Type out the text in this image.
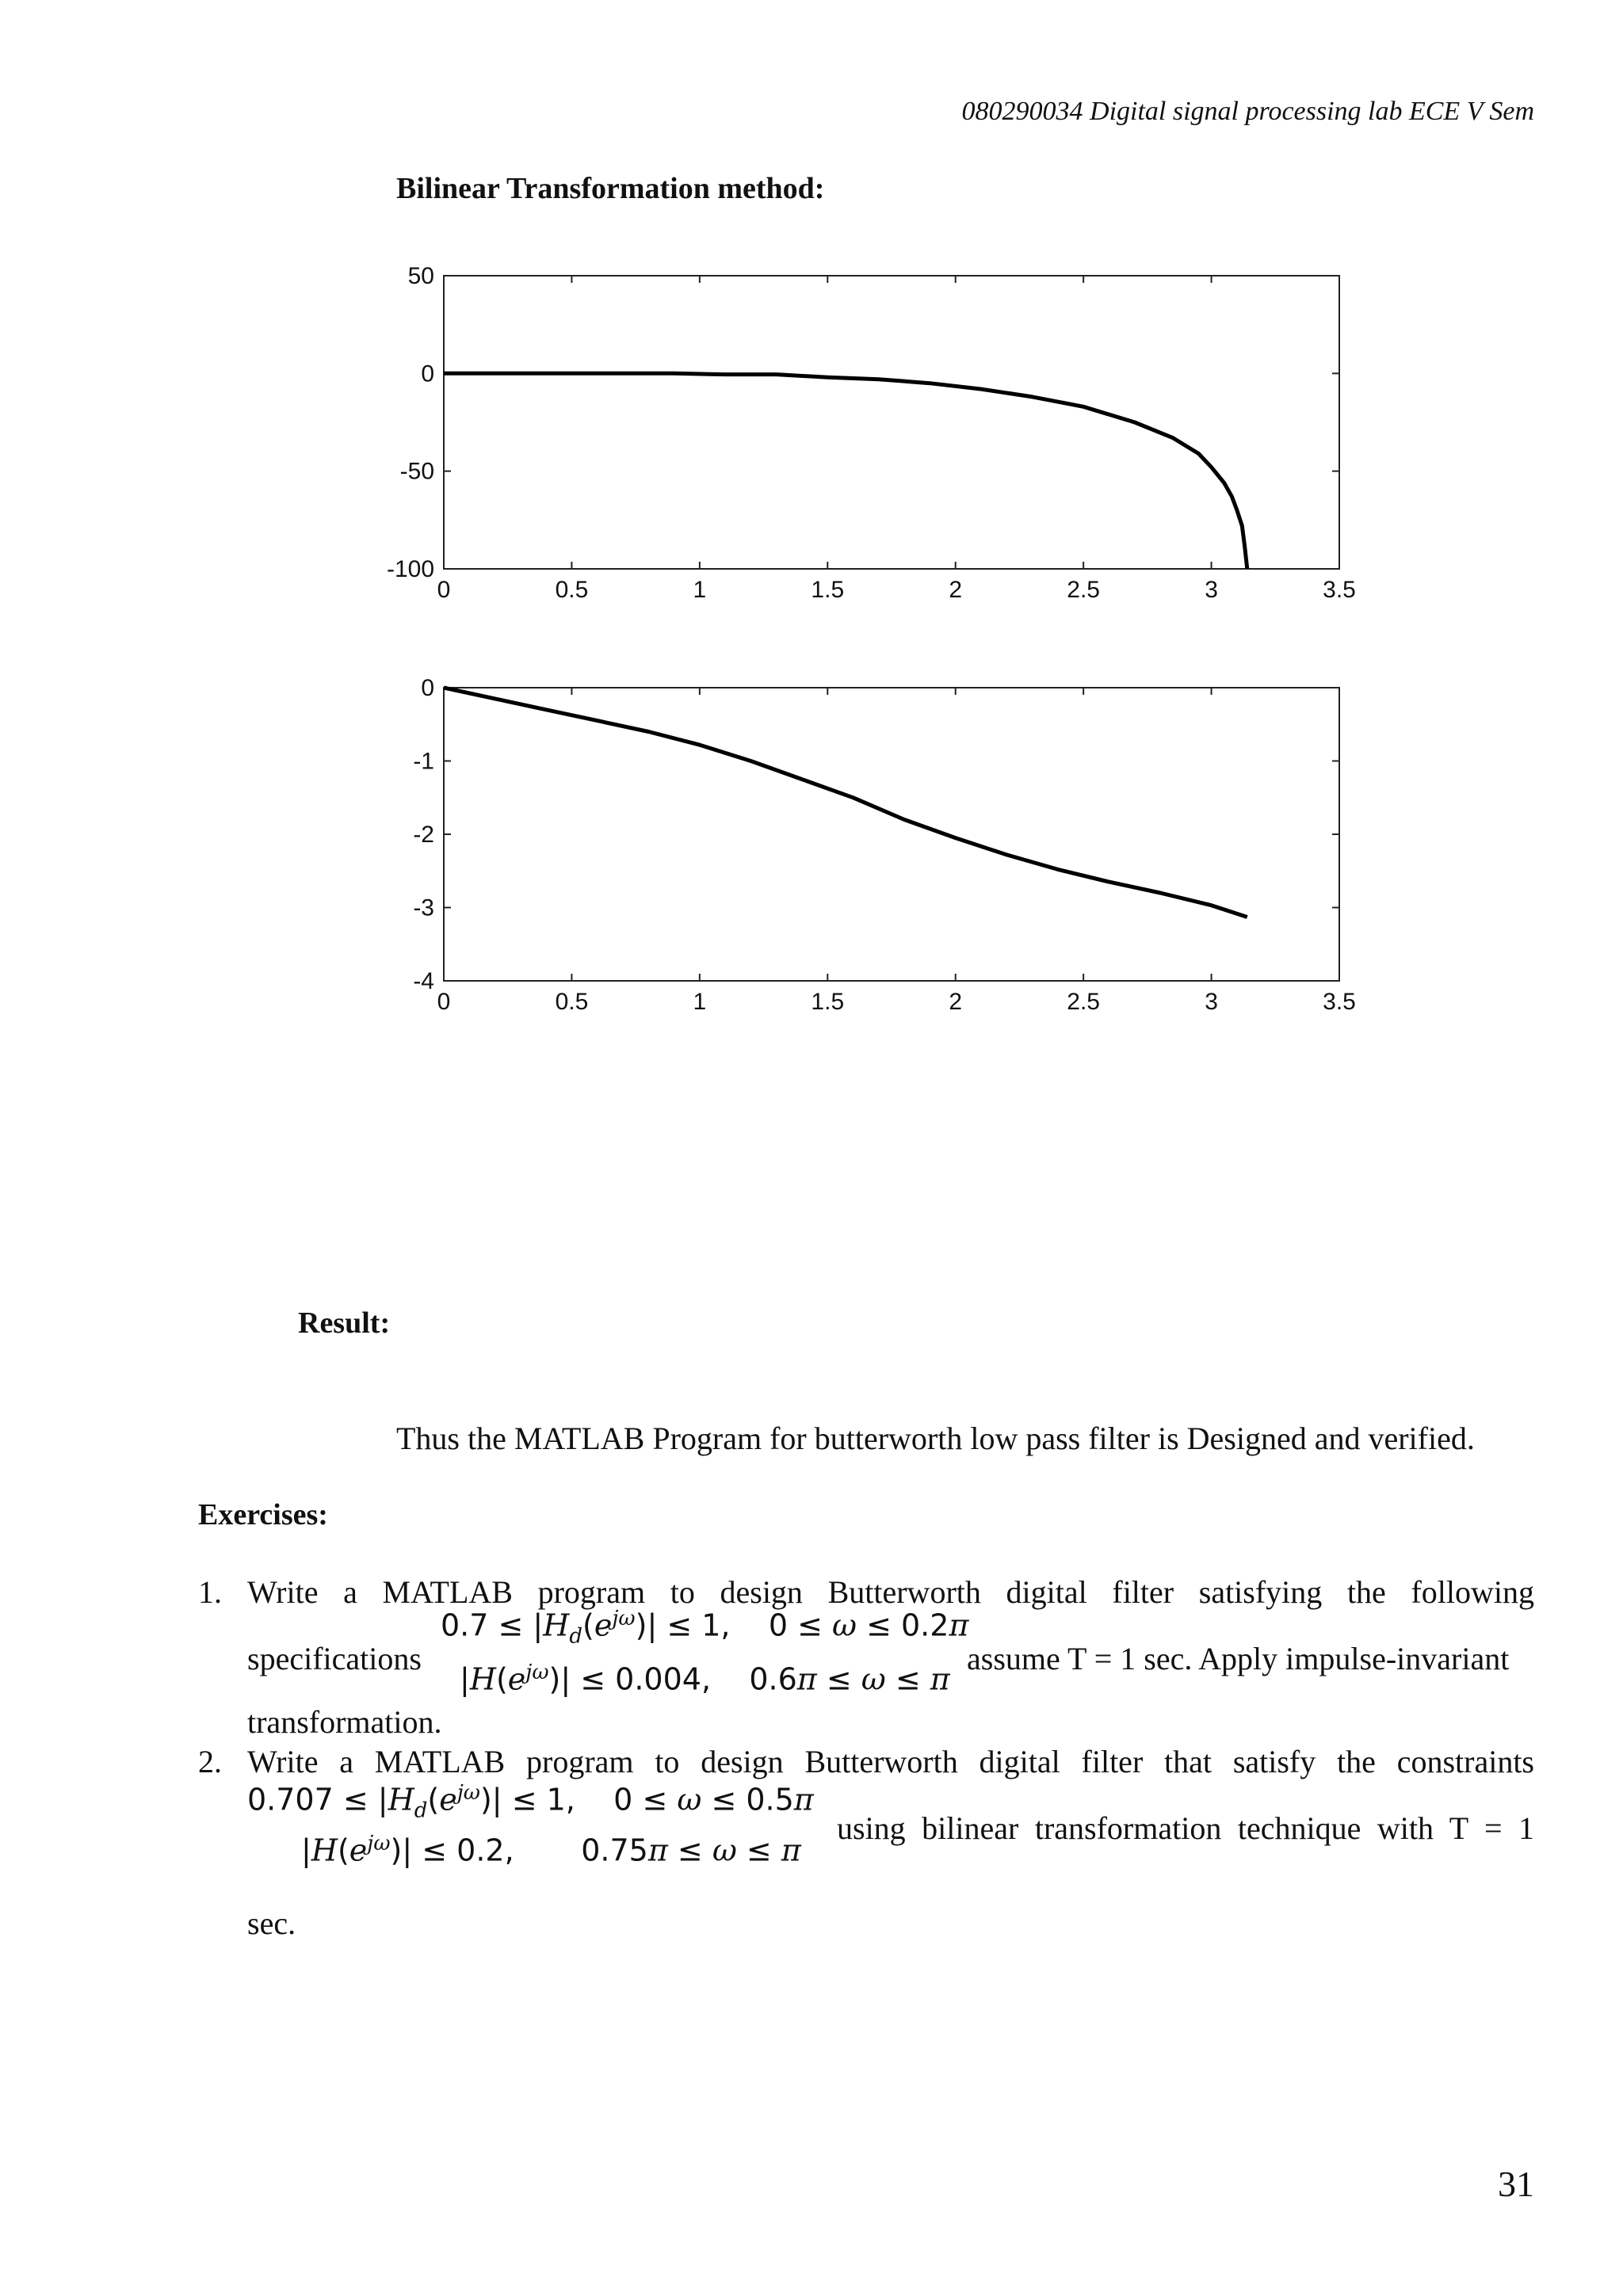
080290034 Digital signal processing lab ECE V Sem
Bilinear Transformation method:
0	0.5	1	1.5	2	2.5	3	3.5
50
0
-50
-100
0	0.5	1	1.5	2	2.5	3	3.5
0
-1
-2
-3
-4
Result:
Thus the MATLAB Program for butterworth low pass filter is Designed and verified.
Exercises:
1. Write a MATLAB program to design Butterworth digital filter satisfying the following
specifications
$0.7 \le |H_d(e^{j\omega})| \le 1$,    0 ≤ ω ≤ 0.2π
$|H(e^{j\omega})| \le 0.004$,    0.6π ≤ ω ≤ π
assume T = 1 sec. Apply impulse-invariant
transformation.
2. Write a MATLAB program to design Butterworth digital filter that satisfy the constraints
$0.707 \le |H_d(e^{j\omega})| \le 1$,    0 ≤ ω ≤ 0.5π
$|H(e^{j\omega})| \le 0.2$,       0.75π ≤ ω ≤ π
using bilinear transformation technique with T = 1
sec.
31
